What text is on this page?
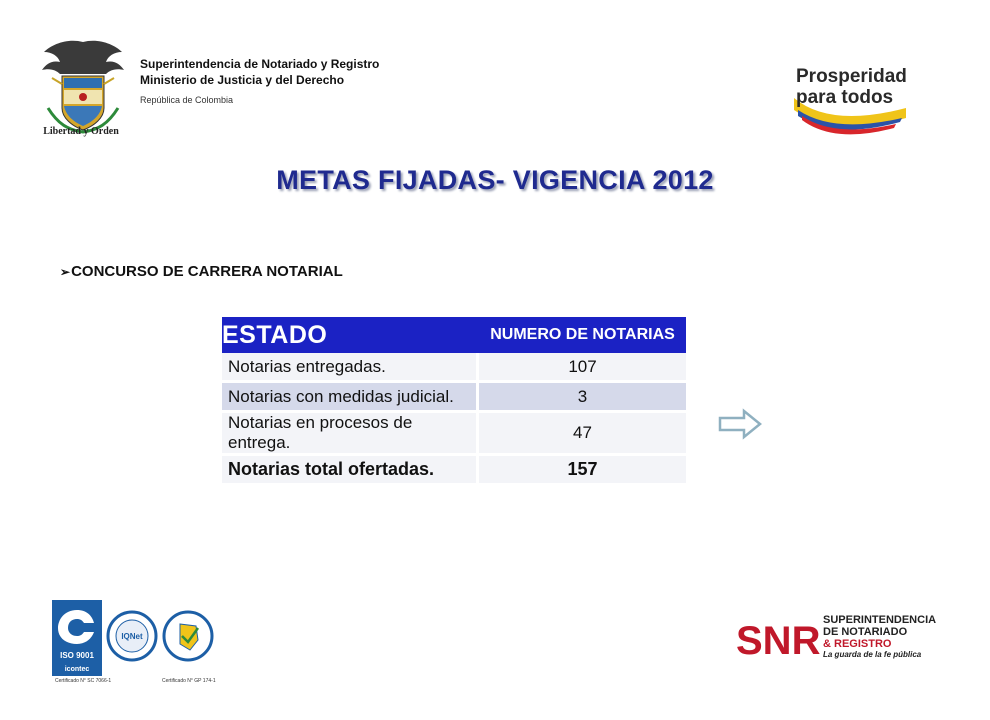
Libertad y Orden
Superintendencia de Notariado y Registro
Ministerio de Justicia y del Derecho
República de Colombia
Prosperidad
para todos
METAS FIJADAS- VIGENCIA 2012
➢CONCURSO DE CARRERA NOTARIAL
ESTADO	NUMERO DE NOTARIAS
Notarias entregadas.	107
Notarias con medidas judicial.	3
Notarias en procesos de entrega.	47
Notarias total ofertadas.	157
ISO 9001
icontec
IQNet
Certificado N° SC 7066-1	Certificado N° GP 174-1
SNR SUPERINTENDENCIA
DE NOTARIADO
& REGISTRO
La guarda de la fe pública
